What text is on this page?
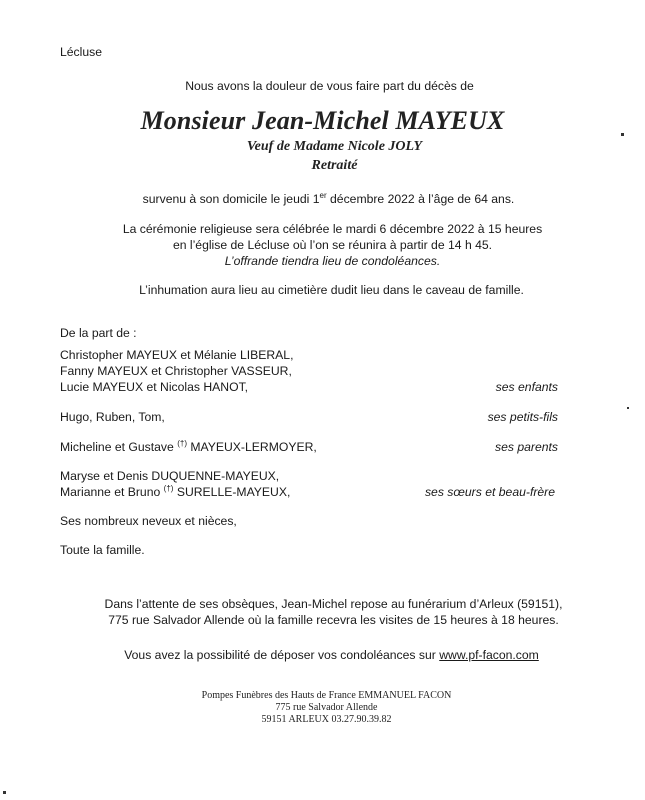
Lécluse
Nous avons la douleur de vous faire part du décès de
Monsieur Jean-Michel MAYEUX
Veuf de Madame Nicole JOLY
Retraité
survenu à son domicile le jeudi 1er décembre 2022 à l’âge de 64 ans.
La cérémonie religieuse sera célébrée le mardi 6 décembre 2022 à 15 heures
en l’église de Lécluse où l’on se réunira à partir de 14 h 45.
L’offrande tiendra lieu de condoléances.
L’inhumation aura lieu au cimetière dudit lieu dans le caveau de famille.
De la part de :
Christopher MAYEUX et Mélanie LIBERAL,
Fanny MAYEUX et Christopher VASSEUR,
Lucie MAYEUX et Nicolas HANOT,	ses enfants
Hugo, Ruben, Tom,	ses petits-fils
Micheline et Gustave (†) MAYEUX-LERMOYER,	ses parents
Maryse et Denis DUQUENNE-MAYEUX,
Marianne et Bruno (†) SURELLE-MAYEUX,	ses sœurs et beau-frère
Ses nombreux neveux et nièces,
Toute la famille.
Dans l’attente de ses obsèques, Jean-Michel repose au funérarium d’Arleux (59151),
775 rue Salvador Allende où la famille recevra les visites de 15 heures à 18 heures.
Vous avez la possibilité de déposer vos condoléances sur www.pf-facon.com
Pompes Funèbres des Hauts de France EMMANUEL FACON
775 rue Salvador Allende
59151 ARLEUX 03.27.90.39.82
